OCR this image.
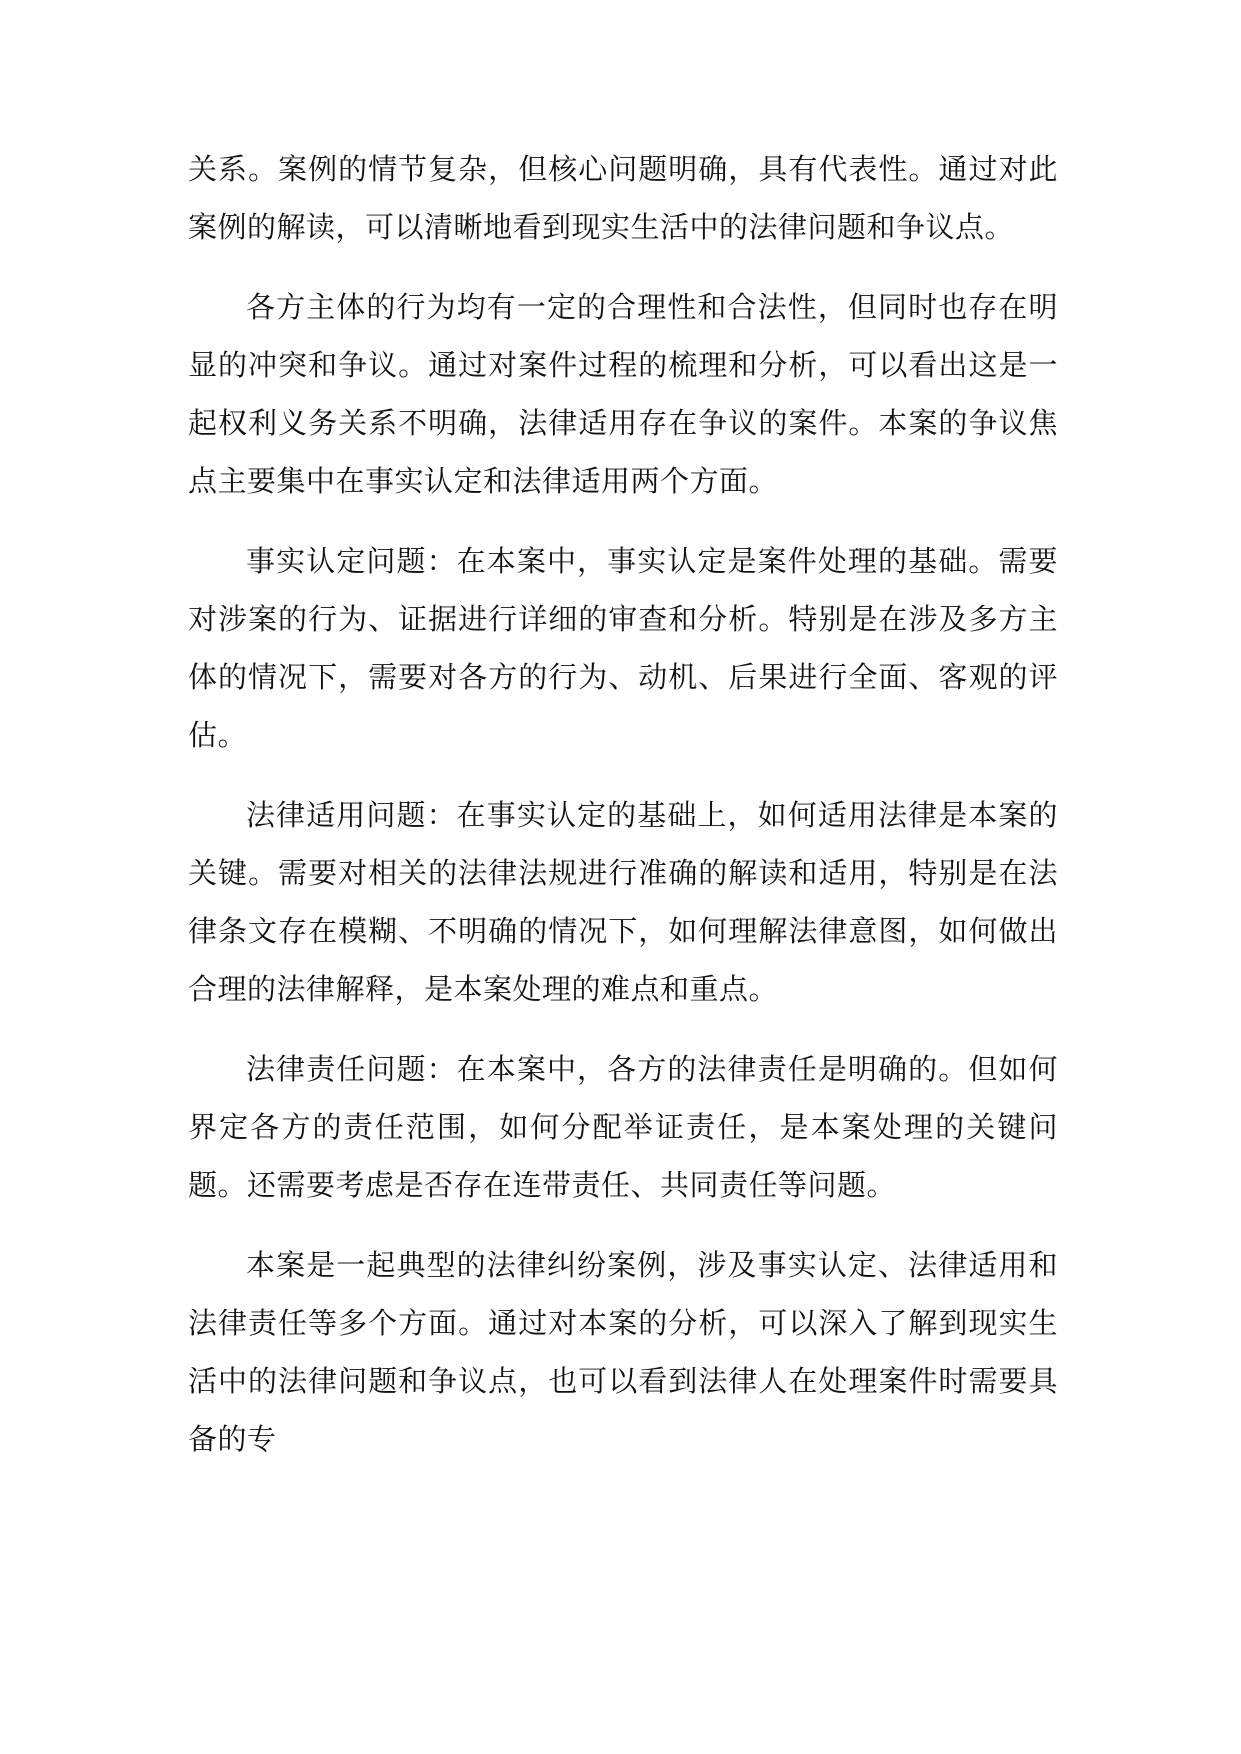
关系。案例的情节复杂，但核心问题明确，具有代表性。通过对此案例的解读，可以清晰地看到现实生活中的法律问题和争议点。

各方主体的行为均有一定的合理性和合法性，但同时也存在明显的冲突和争议。通过对案件过程的梳理和分析，可以看出这是一起权利义务关系不明确，法律适用存在争议的案件。本案的争议焦点主要集中在事实认定和法律适用两个方面。

事实认定问题：在本案中，事实认定是案件处理的基础。需要对涉案的行为、证据进行详细的审查和分析。特别是在涉及多方主体的情况下，需要对各方的行为、动机、后果进行全面、客观的评估。

法律适用问题：在事实认定的基础上，如何适用法律是本案的关键。需要对相关的法律法规进行准确的解读和适用，特别是在法律条文存在模糊、不明确的情况下，如何理解法律意图，如何做出合理的法律解释，是本案处理的难点和重点。

法律责任问题：在本案中，各方的法律责任是明确的。但如何界定各方的责任范围，如何分配举证责任，是本案处理的关键问题。还需要考虑是否存在连带责任、共同责任等问题。

本案是一起典型的法律纠纷案例，涉及事实认定、法律适用和法律责任等多个方面。通过对本案的分析，可以深入了解到现实生活中的法律问题和争议点，也可以看到法律人在处理案件时需要具备的专
